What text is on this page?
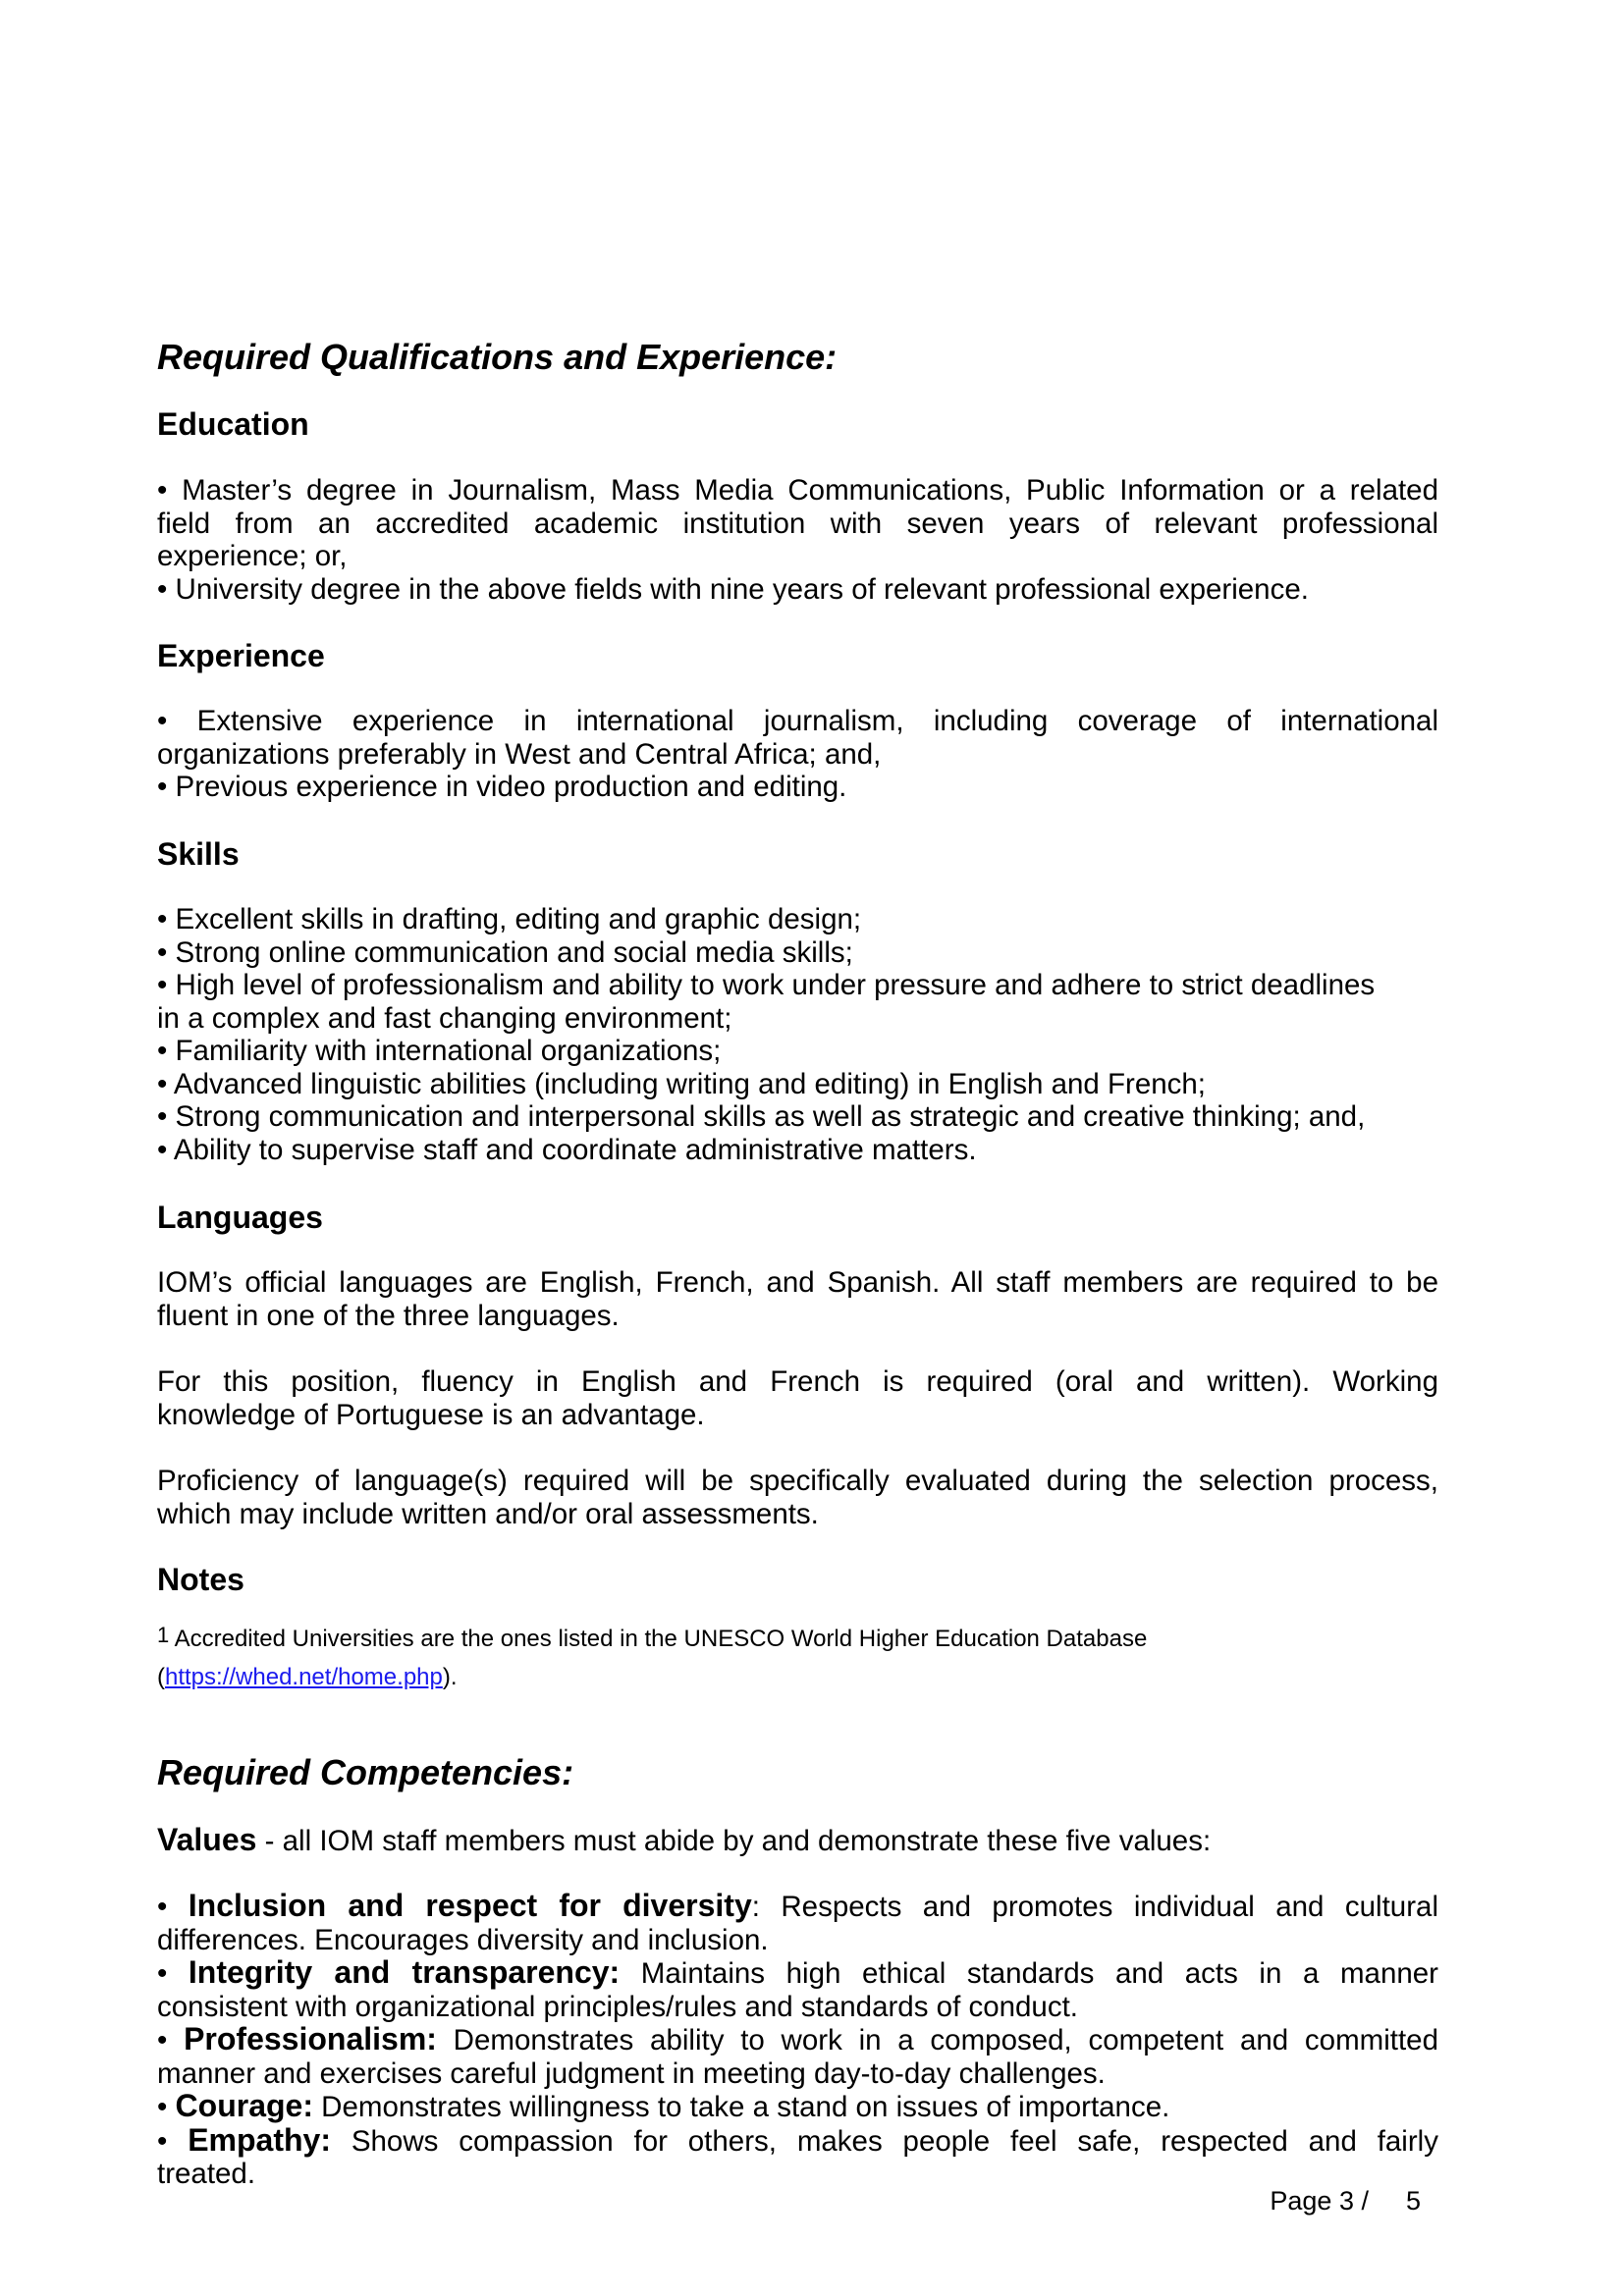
Required Qualifications and Experience:
Education
• Master’s degree in Journalism, Mass Media Communications, Public Information or a related
field from an accredited academic institution with seven years of relevant professional
experience; or,
• University degree in the above fields with nine years of relevant professional experience.
Experience
• Extensive experience in international journalism, including coverage of international
organizations preferably in West and Central Africa; and,
• Previous experience in video production and editing.
Skills
• Excellent skills in drafting, editing and graphic design;
• Strong online communication and social media skills;
• High level of professionalism and ability to work under pressure and adhere to strict deadlines
in a complex and fast changing environment;
• Familiarity with international organizations;
• Advanced linguistic abilities (including writing and editing) in English and French;
• Strong communication and interpersonal skills as well as strategic and creative thinking; and,
• Ability to supervise staff and coordinate administrative matters.
Languages
IOM’s official languages are English, French, and Spanish. All staff members are required to be
fluent in one of the three languages.
For this position, fluency in English and French is required (oral and written). Working
knowledge of Portuguese is an advantage.
Proficiency of language(s) required will be specifically evaluated during the selection process,
which may include written and/or oral assessments.
Notes
$^1$ Accredited Universities are the ones listed in the UNESCO World Higher Education Database
(https://whed.net/home.php).
Required Competencies:
Values - all IOM staff members must abide by and demonstrate these five values:
• Inclusion and respect for diversity: Respects and promotes individual and cultural
differences. Encourages diversity and inclusion.
• Integrity and transparency: Maintains high ethical standards and acts in a manner
consistent with organizational principles/rules and standards of conduct.
• Professionalism: Demonstrates ability to work in a composed, competent and committed
manner and exercises careful judgment in meeting day-to-day challenges.
• Courage: Demonstrates willingness to take a stand on issues of importance.
• Empathy: Shows compassion for others, makes people feel safe, respected and fairly
treated.
Page 3 / 5
